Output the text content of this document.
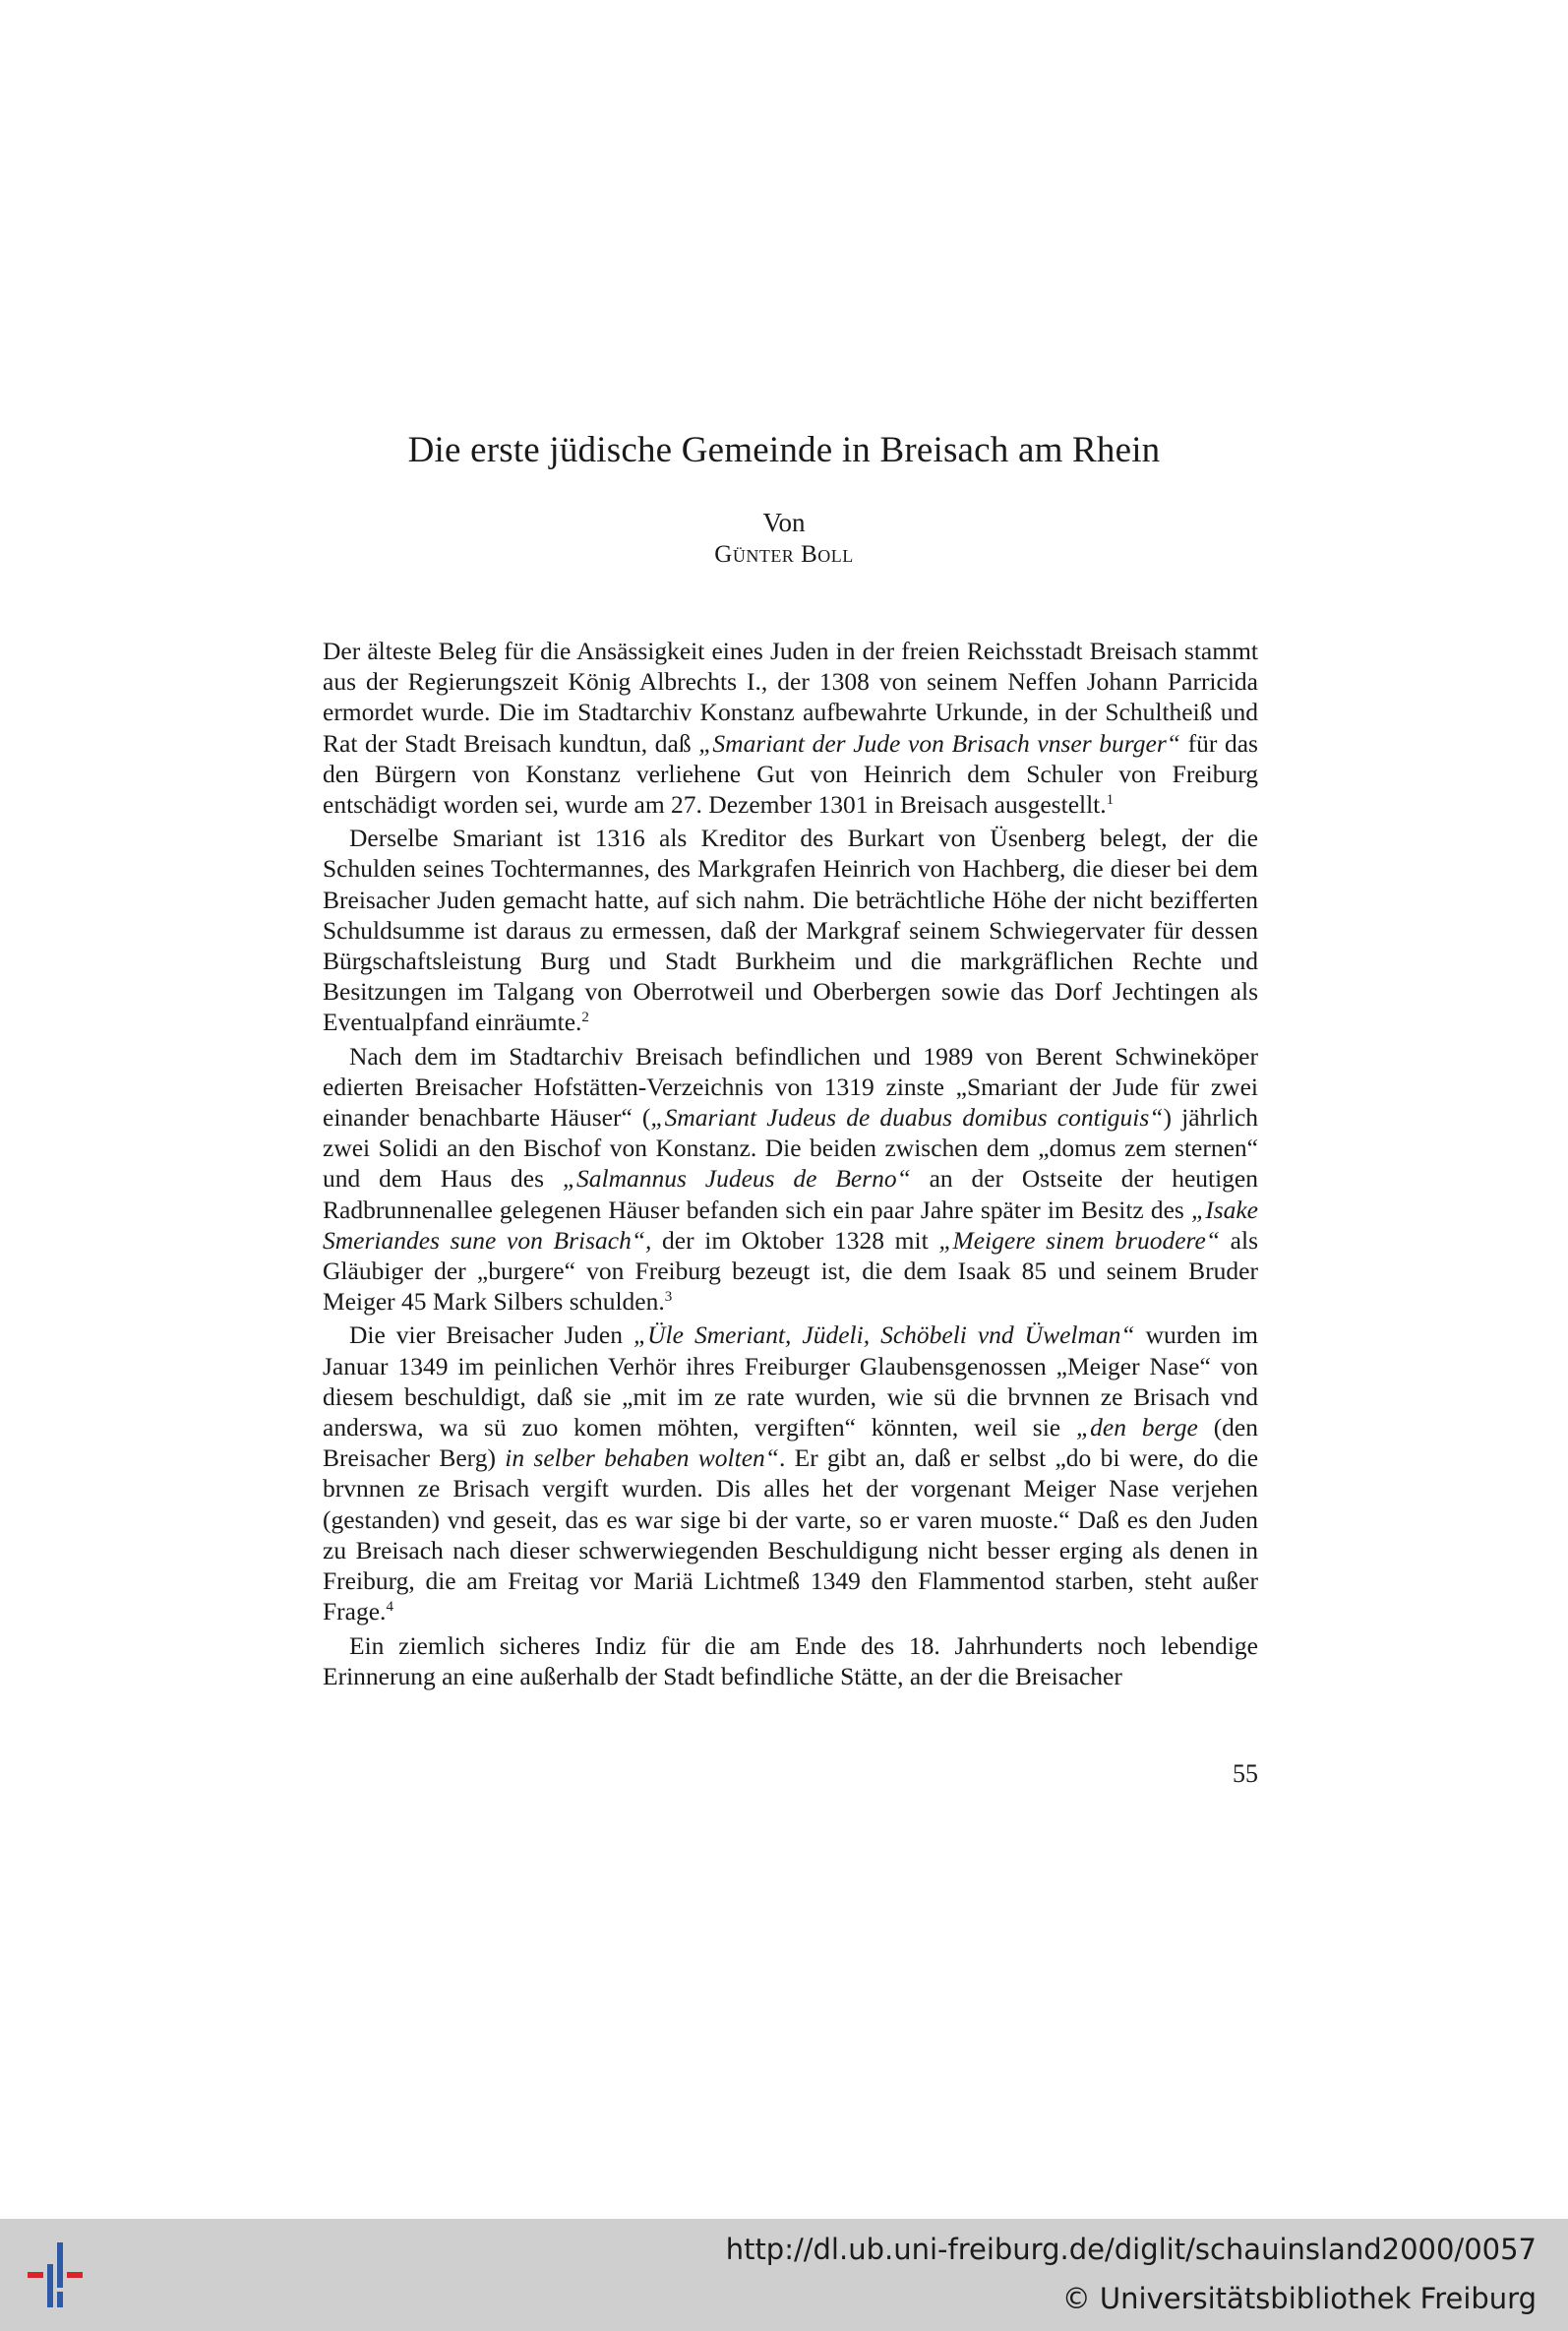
Die erste jüdische Gemeinde in Breisach am Rhein
Von
Günter Boll

Der älteste Beleg für die Ansässigkeit eines Juden in der freien Reichsstadt Breisach stammt aus der Regierungszeit König Albrechts I., der 1308 von seinem Neffen Johann Parricida ermordet wurde. Die im Stadtarchiv Konstanz aufbewahrte Urkunde, in der Schultheiß und Rat der Stadt Breisach kundtun, daß „Smariant der Jude von Brisach vnser burger“ für das den Bürgern von Konstanz verliehene Gut von Heinrich dem Schuler von Freiburg entschädigt worden sei, wurde am 27. Dezember 1301 in Breisach ausgestellt.$^1$

Derselbe Smariant ist 1316 als Kreditor des Burkart von Üsenberg belegt, der die Schulden seines Tochtermannes, des Markgrafen Heinrich von Hachberg, die dieser bei dem Breisacher Juden gemacht hatte, auf sich nahm. Die beträchtliche Höhe der nicht bezifferten Schuldsumme ist daraus zu ermessen, daß der Markgraf seinem Schwiegervater für dessen Bürgschaftsleistung Burg und Stadt Burkheim und die markgräflichen Rechte und Besitzungen im Talgang von Oberrotweil und Oberbergen sowie das Dorf Jechtingen als Eventualpfand einräumte.$^2$

Nach dem im Stadtarchiv Breisach befindlichen und 1989 von Berent Schwineköper edierten Breisacher Hofstätten-Verzeichnis von 1319 zinste „Smariant der Jude für zwei einander benachbarte Häuser“ („Smariant Judeus de duabus domibus contiguis“) jährlich zwei Solidi an den Bischof von Konstanz. Die beiden zwischen dem „domus zem sternen“ und dem Haus des „Salmannus Judeus de Berno“ an der Ostseite der heutigen Radbrunnenallee gelegenen Häuser befanden sich ein paar Jahre später im Besitz des „Isake Smeriandes sune von Brisach“, der im Oktober 1328 mit „Meigere sinem bruodere“ als Gläubiger der „burgere“ von Freiburg bezeugt ist, die dem Isaak 85 und seinem Bruder Meiger 45 Mark Silbers schulden.$^3$

Die vier Breisacher Juden „Üle Smeriant, Jüdeli, Schöbeli vnd Üwelman“ wurden im Januar 1349 im peinlichen Verhör ihres Freiburger Glaubensgenossen „Meiger Nase“ von diesem beschuldigt, daß sie „mit im ze rate wurden, wie sü die brvnnen ze Brisach vnd anderswa, wa sü zuo komen möhten, vergiften“ könnten, weil sie „den berge (den Breisacher Berg) in selber behaben wolten“. Er gibt an, daß er selbst „do bi were, do die brvnnen ze Brisach vergift wurden. Dis alles het der vorgenant Meiger Nase verjehen (gestanden) vnd geseit, das es war sige bi der varte, so er varen muoste.“ Daß es den Juden zu Breisach nach dieser schwerwiegenden Beschuldigung nicht besser erging als denen in Freiburg, die am Freitag vor Mariä Lichtmeß 1349 den Flammentod starben, steht außer Frage.$^4$

Ein ziemlich sicheres Indiz für die am Ende des 18. Jahrhunderts noch lebendige Erinnerung an eine außerhalb der Stadt befindliche Stätte, an der die Breisacher

55
http://dl.ub.uni-freiburg.de/diglit/schauinsland2000/0057
© Universitätsbibliothek Freiburg
